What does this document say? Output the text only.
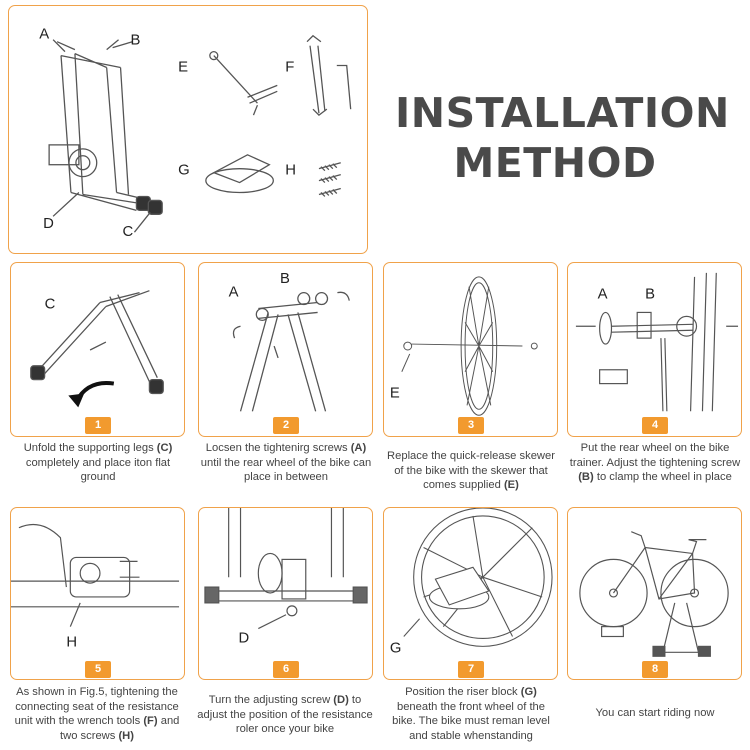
A	B
D	C
E	F
G	H
INSTALLATION
METHOD
C
1
Unfold the supporting legs (C) completely and place iton flat ground
A
B
2
Locsen the tightenirg screws (A) until the rear wheel of the bike can place in between
E
3
Replace the quick-release skewer of the bike with the skewer that comes supplied (E)
A	B
4
Put the rear wheel on the bike trainer. Adjust the tightening screw (B) to clamp the wheel in place
H
5
As shown in Fig.5, tightening the connecting seat of the resistance unit with the wrench tools (F) and two screws (H)
D
6
Turn the adjusting screw (D) to adjust the position of the resistance roler once your bike
G
7
Position the riser block (G) beneath the front wheel of the bike. The bike must reman level and stable whenstanding
8
You can start riding now
